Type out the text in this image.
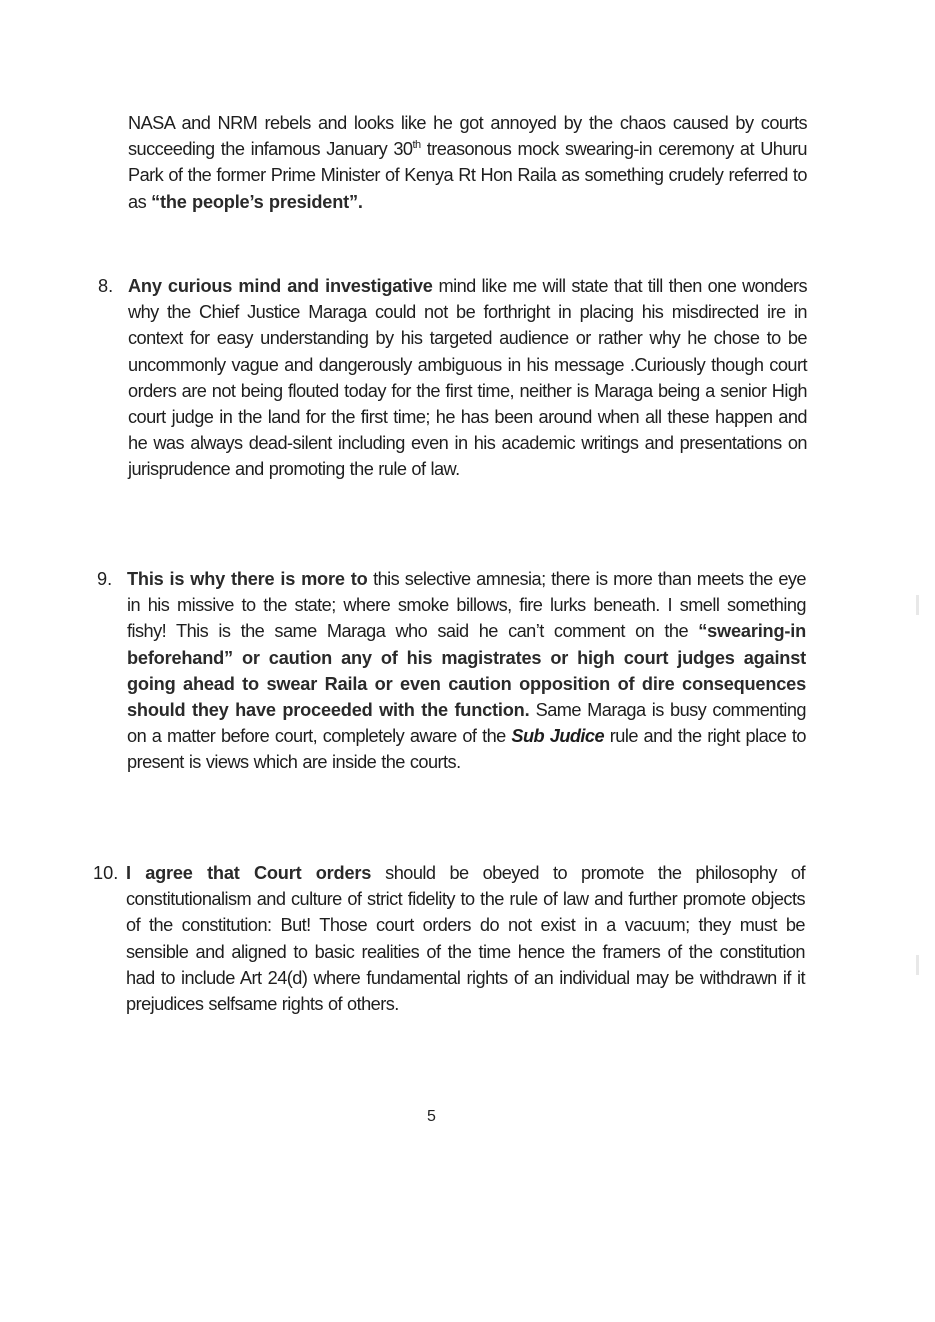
NASA and NRM rebels and looks like he got annoyed by the chaos caused by courts succeeding the infamous January 30th treasonous mock swearing-in ceremony at Uhuru Park of the former Prime Minister of Kenya Rt Hon Raila as something crudely referred to as “the people’s president”.
8. Any curious mind and investigative mind like me will state that till then one wonders why the Chief Justice Maraga could not be forthright in placing his misdirected ire in context for easy understanding by his targeted audience or rather why he chose to be uncommonly vague and dangerously ambiguous in his message .Curiously though court orders are not being flouted today for the first time, neither is Maraga being a senior High court judge in the land for the first time; he has been around when all these happen and he was always dead-silent including even in his academic writings and presentations on jurisprudence and promoting the rule of law.
9. This is why there is more to this selective amnesia; there is more than meets the eye in his missive to the state; where smoke billows, fire lurks beneath. I smell something fishy! This is the same Maraga who said he can’t comment on the “swearing-in beforehand” or caution any of his magistrates or high court judges against going ahead to swear Raila or even caution opposition of dire consequences should they have proceeded with the function. Same Maraga is busy commenting on a matter before court, completely aware of the Sub Judice rule and the right place to present is views which are inside the courts.
10. I agree that Court orders should be obeyed to promote the philosophy of constitutionalism and culture of strict fidelity to the rule of law and further promote objects of the constitution: But! Those court orders do not exist in a vacuum; they must be sensible and aligned to basic realities of the time hence the framers of the constitution had to include Art 24(d) where fundamental rights of an individual may be withdrawn if it prejudices selfsame rights of others.
5
